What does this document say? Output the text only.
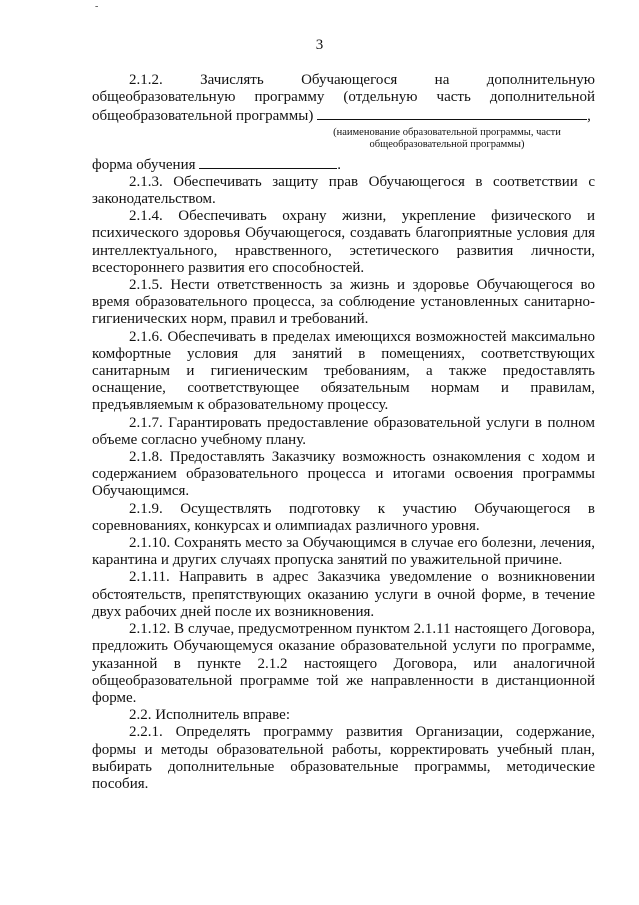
-
3

2.1.2. Зачислять Обучающегося на дополнительную общеобразовательную программу (отдельную часть дополнительной общеобразовательной программы)	,

(наименование образовательной программы, части общеобразовательной программы)

форма обучения	.

2.1.3. Обеспечивать защиту прав Обучающегося в соответствии с законодательством.

2.1.4. Обеспечивать охрану жизни, укрепление физического и психического здоровья Обучающегося, создавать благоприятные условия для интеллектуального, нравственного, эстетического развития личности, всестороннего развития его способностей.

2.1.5. Нести ответственность за жизнь и здоровье Обучающегося во время образовательного процесса, за соблюдение установленных санитарно-гигиенических норм, правил и требований.

2.1.6. Обеспечивать в пределах имеющихся возможностей максимально комфортные условия для занятий в помещениях, соответствующих санитарным и гигиеническим требованиям, а также предоставлять оснащение, соответствующее обязательным нормам и правилам, предъявляемым к образовательному процессу.

2.1.7. Гарантировать предоставление образовательной услуги в полном объеме согласно учебному плану.

2.1.8. Предоставлять Заказчику возможность ознакомления с ходом и содержанием образовательного процесса и итогами освоения программы Обучающимся.

2.1.9. Осуществлять подготовку к участию Обучающегося в соревнованиях, конкурсах и олимпиадах различного уровня.

2.1.10. Сохранять место за Обучающимся в случае его болезни, лечения, карантина и других случаях пропуска занятий по уважительной причине.

2.1.11. Направить в адрес Заказчика уведомление о возникновении обстоятельств, препятствующих оказанию услуги в очной форме, в течение двух рабочих дней после их возникновения.

2.1.12. В случае, предусмотренном пунктом 2.1.11 настоящего Договора, предложить Обучающемуся оказание образовательной услуги по программе, указанной в пункте 2.1.2 настоящего Договора, или аналогичной общеобразовательной программе той же направленности в дистанционной форме.

2.2. Исполнитель вправе:

2.2.1. Определять программу развития Организации, содержание, формы и методы образовательной работы, корректировать учебный план, выбирать дополнительные образовательные программы, методические пособия.
